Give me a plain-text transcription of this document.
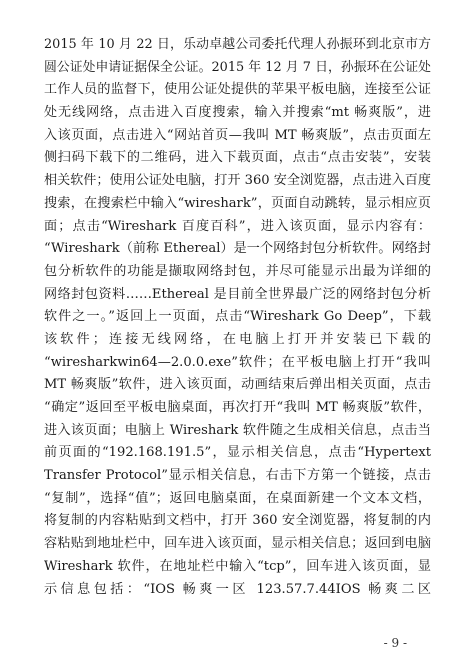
2015 年 10 月 22 日，乐动卓越公司委托代理人孙振环到北京市方
圆公证处申请证据保全公证。2015 年 12 月 7 日，孙振环在公证处
工作人员的监督下，使用公证处提供的苹果平板电脑，连接至公证
处无线网络，点击进入百度搜索，输入并搜索“mt 畅爽版”，进
入该页面，点击进入“网站首页—我叫 MT 畅爽版”，点击页面左
侧扫码下载下的二维码，进入下载页面，点击“点击安装”，安装
相关软件；使用公证处电脑，打开 360 安全浏览器，点击进入百度
搜索，在搜索栏中输入“wireshark”，页面自动跳转，显示相应页
面；点击“Wireshark 百度百科”，进入该页面，显示内容有：
“Wireshark（前称 Ethereal）是一个网络封包分析软件。网络封
包分析软件的功能是撷取网络封包，并尽可能显示出最为详细的
网络封包资料……Ethereal 是目前全世界最广泛的网络封包分析
软件之一。”返回上一页面，点击“Wireshark Go Deep”，下载
该软件；连接无线网络，在电脑上打开并安装已下载的
“wiresharkwin64—2.0.0.exe”软件；在平板电脑上打开“我叫
MT 畅爽版”软件，进入该页面，动画结束后弹出相关页面，点击
“确定”返回至平板电脑桌面，再次打开“我叫 MT 畅爽版”软件，
进入该页面；电脑上 Wireshark 软件随之生成相关信息，点击当
前页面的“192.168.191.5”，显示相关信息，点击“Hypertext
Transfer Protocol”显示相关信息，右击下方第一个链接，点击
“复制”，选择“值”；返回电脑桌面，在桌面新建一个文本文档，
将复制的内容粘贴到文档中，打开 360 安全浏览器，将复制的内
容粘贴到地址栏中，回车进入该页面，显示相关信息；返回到电脑
Wireshark 软件，在地址栏中输入“tcp”，回车进入该页面，显
示信息包括：“IOS 畅爽一区 123.57.7.44IOS 畅爽二区
- 9 -
